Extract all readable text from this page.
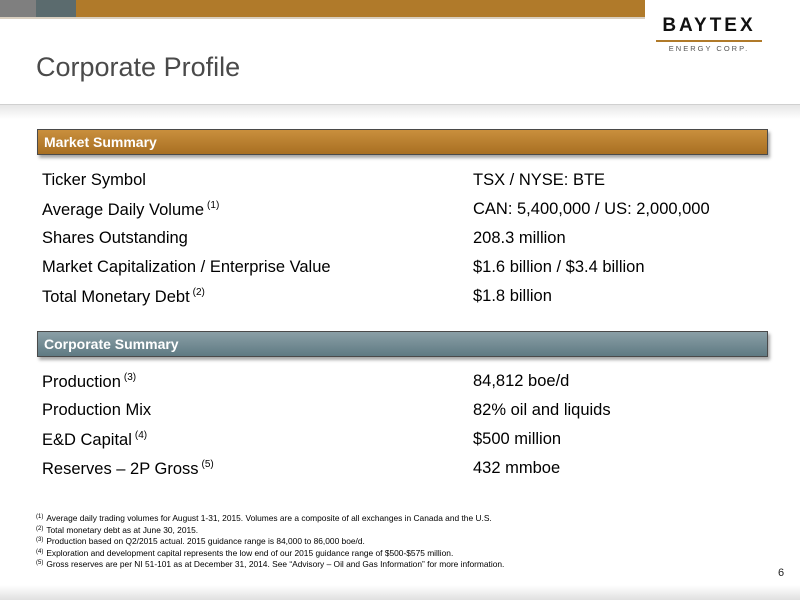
BAYTEX
ENERGY CORP.
Corporate Profile
Market Summary
Ticker Symbol	TSX / NYSE: BTE
Average Daily Volume $^{(1)}$	CAN: 5,400,000 / US: 2,000,000
Shares Outstanding	208.3 million
Market Capitalization / Enterprise Value	$1.6 billion / $3.4 billion
Total Monetary Debt $^{(2)}$	$1.8 billion
Corporate Summary
Production $^{(3)}$	84,812 boe/d
Production Mix	82% oil and liquids
E&D Capital $^{(4)}$	$500 million
Reserves – 2P Gross $^{(5)}$	432 mmboe
$^{(1)}$ Average daily trading volumes for August 1-31, 2015. Volumes are a composite of all exchanges in Canada and the U.S.
$^{(2)}$ Total monetary debt as at June 30, 2015.
$^{(3)}$ Production based on Q2/2015 actual. 2015 guidance range is 84,000 to 86,000 boe/d.
$^{(4)}$ Exploration and development capital represents the low end of our 2015 guidance range of $500-$575 million.
$^{(5)}$ Gross reserves are per NI 51-101 as at December 31, 2014. See “Advisory – Oil and Gas Information” for more information.
6
